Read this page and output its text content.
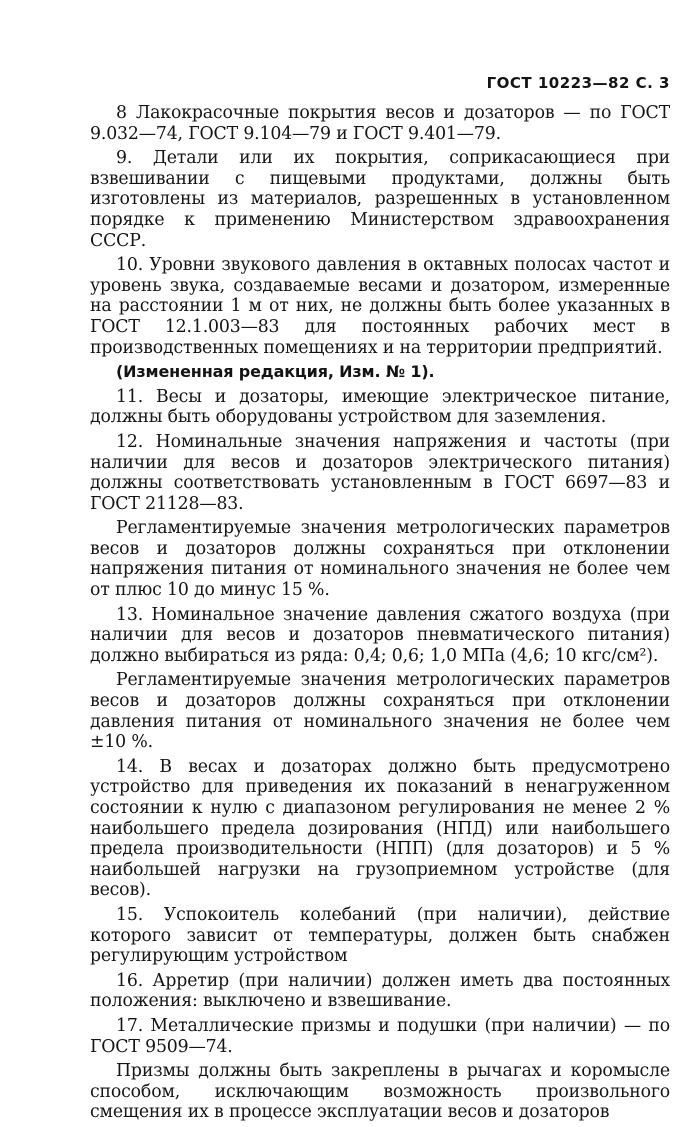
ГОСТ 10223—82 С. 3

8 Лакокрасочные покрытия весов и дозаторов — по ГОСТ 9.032—74, ГОСТ 9.104—79 и ГОСТ 9.401—79.

9. Детали или их покрытия, соприкасающиеся при взвешивании с пищевыми продуктами, должны быть изготовлены из материалов, разрешенных в установленном порядке к применению Министерством здравоохранения СССР.

10. Уровни звукового давления в октавных полосах частот и уровень звука, создаваемые весами и дозатором, измеренные на расстоянии 1 м от них, не должны быть более указанных в ГОСТ 12.1.003—83 для постоянных рабочих мест в производственных помещениях и на территории предприятий.

(Измененная редакция, Изм. № 1).

11. Весы и дозаторы, имеющие электрическое питание, должны быть оборудованы устройством для заземления.

12. Номинальные значения напряжения и частоты (при наличии для весов и дозаторов электрического питания) должны соответствовать установленным в ГОСТ 6697—83 и ГОСТ 21128—83.

Регламентируемые значения метрологических параметров весов и дозаторов должны сохраняться при отклонении напряжения питания от номинального значения не более чем от плюс 10 до минус 15 %.

13. Номинальное значение давления сжатого воздуха (при наличии для весов и дозаторов пневматического питания) должно выбираться из ряда: 0,4; 0,6; 1,0 МПа (4,6; 10 кгс/см²).

Регламентируемые значения метрологических параметров весов и дозаторов должны сохраняться при отклонении давления питания от номинального значения не более чем ±10 %.

14. В весах и дозаторах должно быть предусмотрено устройство для приведения их показаний в ненагруженном состоянии к нулю с диапазоном регулирования не менее 2 % наибольшего предела дозирования (НПД) или наибольшего предела производительности (НПП) (для дозаторов) и 5 % наибольшей нагрузки на грузоприемном устройстве (для весов).

15. Успокоитель колебаний (при наличии), действие которого зависит от температуры, должен быть снабжен регулирующим устройством

16. Арретир (при наличии) должен иметь два постоянных положения: выключено и взвешивание.

17. Металлические призмы и подушки (при наличии) — по ГОСТ 9509—74.

Призмы должны быть закреплены в рычагах и коромысле способом, исключающим возможность произвольного смещения их в процессе эксплуатации весов и дозаторов
